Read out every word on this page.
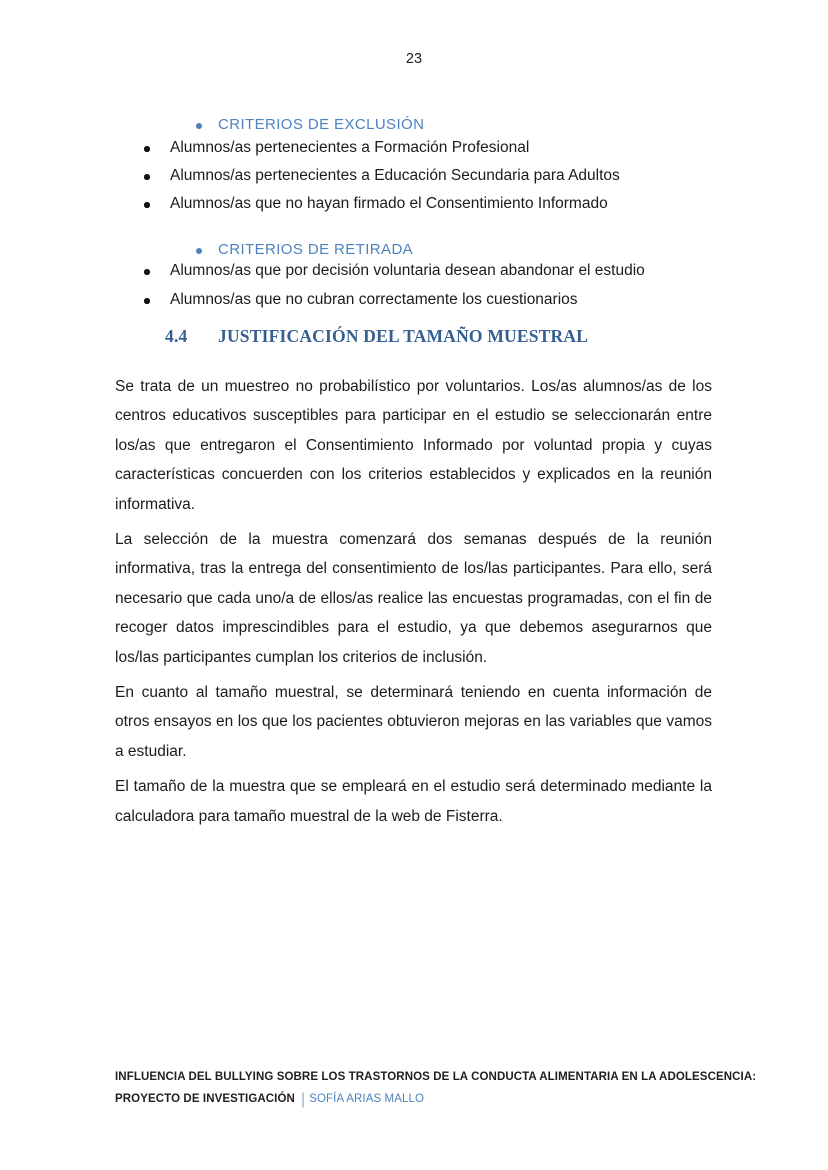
23
CRITERIOS DE EXCLUSIÓN
Alumnos/as pertenecientes a Formación Profesional
Alumnos/as pertenecientes a Educación Secundaria para Adultos
Alumnos/as que no hayan firmado el Consentimiento Informado
CRITERIOS DE RETIRADA
Alumnos/as que por decisión voluntaria desean abandonar el estudio
Alumnos/as que no cubran correctamente los cuestionarios
4.4 JUSTIFICACIÓN DEL TAMAÑO MUESTRAL

Se trata de un muestreo no probabilístico por voluntarios. Los/as alumnos/as de los centros educativos susceptibles para participar en el estudio se seleccionarán entre los/as que entregaron el Consentimiento Informado por voluntad propia y cuyas características concuerden con los criterios establecidos y explicados en la reunión informativa.

La selección de la muestra comenzará dos semanas después de la reunión informativa, tras la entrega del consentimiento de los/las participantes. Para ello, será necesario que cada uno/a de ellos/as realice las encuestas programadas, con el fin de recoger datos imprescindibles para el estudio, ya que debemos asegurarnos que los/las participantes cumplan los criterios de inclusión.

En cuanto al tamaño muestral, se determinará teniendo en cuenta información de otros ensayos en los que los pacientes obtuvieron mejoras en las variables que vamos a estudiar.

El tamaño de la muestra que se empleará en el estudio será determinado mediante la calculadora para tamaño muestral de la web de Fisterra.

INFLUENCIA DEL BULLYING SOBRE LOS TRASTORNOS DE LA CONDUCTA ALIMENTARIA EN LA ADOLESCENCIA:
PROYECTO DE INVESTIGACIÓN | SOFÍA ARIAS MALLO
